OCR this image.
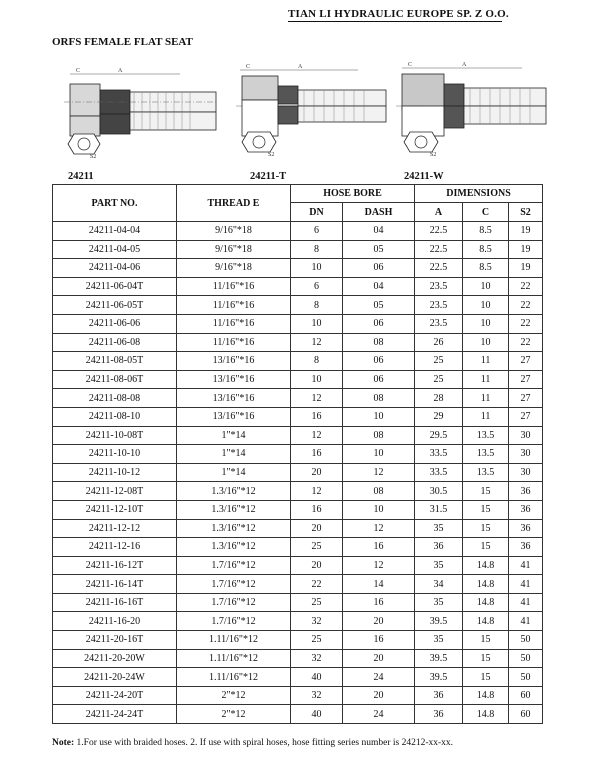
TIAN LI HYDRAULIC EUROPE SP. Z O.O.
ORFS FEMALE FLAT SEAT
C	A
S2
C	A
S2
C	A
S2
24211	24211-T	24211-W
PART NO.	THREAD E	HOSE BORE		DIMENSIONS		
		DN	DASH	A	C	S2
24211-04-04	9/16"*18	6	04	22.5	8.5	19
24211-04-05	9/16"*18	8	05	22.5	8.5	19
24211-04-06	9/16"*18	10	06	22.5	8.5	19
24211-06-04T	11/16"*16	6	04	23.5	10	22
24211-06-05T	11/16"*16	8	05	23.5	10	22
24211-06-06	11/16"*16	10	06	23.5	10	22
24211-06-08	11/16"*16	12	08	26	10	22
24211-08-05T	13/16"*16	8	06	25	11	27
24211-08-06T	13/16"*16	10	06	25	11	27
24211-08-08	13/16"*16	12	08	28	11	27
24211-08-10	13/16"*16	16	10	29	11	27
24211-10-08T	1"*14	12	08	29.5	13.5	30
24211-10-10	1"*14	16	10	33.5	13.5	30
24211-10-12	1"*14	20	12	33.5	13.5	30
24211-12-08T	1.3/16"*12	12	08	30.5	15	36
24211-12-10T	1.3/16"*12	16	10	31.5	15	36
24211-12-12	1.3/16"*12	20	12	35	15	36
24211-12-16	1.3/16"*12	25	16	36	15	36
24211-16-12T	1.7/16"*12	20	12	35	14.8	41
24211-16-14T	1.7/16"*12	22	14	34	14.8	41
24211-16-16T	1.7/16"*12	25	16	35	14.8	41
24211-16-20	1.7/16"*12	32	20	39.5	14.8	41
24211-20-16T	1.11/16"*12	25	16	35	15	50
24211-20-20W	1.11/16"*12	32	20	39.5	15	50
24211-20-24W	1.11/16"*12	40	24	39.5	15	50
24211-24-20T	2"*12	32	20	36	14.8	60
24211-24-24T	2"*12	40	24	36	14.8	60
Note: 1.For use with braided hoses. 2. If use with spiral hoses, hose fitting series number is 24212-xx-xx.
